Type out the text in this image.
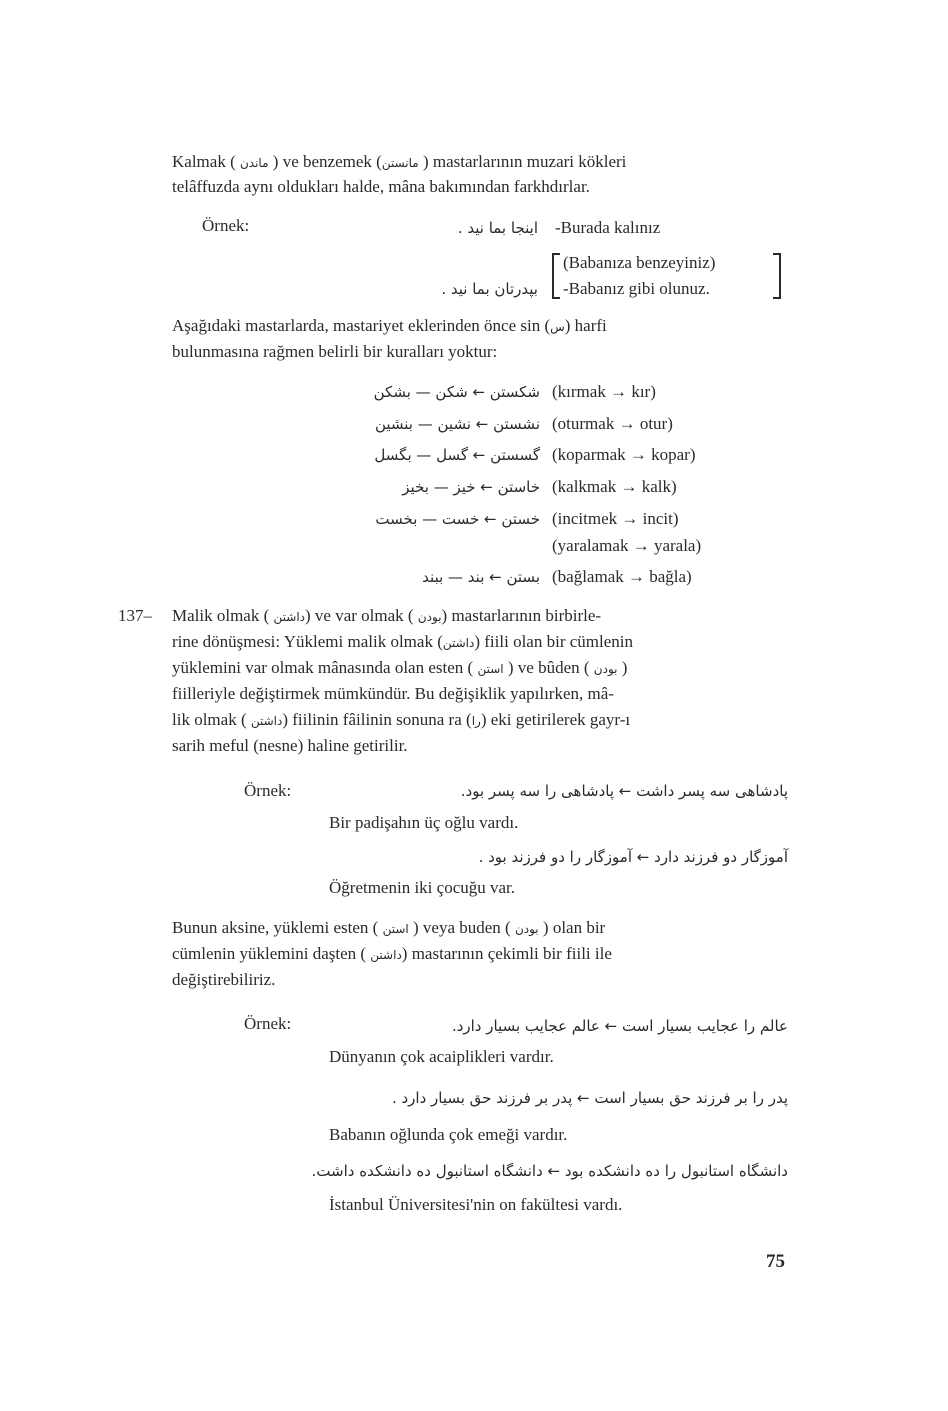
Kalmak ( ماندن ) ve benzemek (مانستن ) mastarlarının muzari kökleri
telâffuzda aynı oldukları halde, mâna bakımından farkhdırlar.
Örnek:	اینجا بما نید . -Burada kalınız
(Babanıza benzeyiniz)
بپدرتان بما نید . -Babanız gibi olunuz.
Aşağıdaki mastarlarda, mastariyet eklerinden önce sin (س) harfi
bulunmasına rağmen belirli bir kuralları yoktur:
شکستن ← شکن — بشکن (kırmak → kır)
نشستن ← نشین — بنشین (oturmak → otur)
گسستن ← گسل — بگسل (koparmak → kopar)
خاستن ← خیز — بخیز (kalkmak → kalk)
خستن ← خست — بخست (incitmek → incit)
(yaralamak → yarala)
بستن ← بند — ببند (bağlamak → bağla)
137– Malik olmak ( داشتن) ve var olmak ( بودن) mastarlarının birbirle-
rine dönüşmesi: Yüklemi malik olmak (داشتن) fiili olan bir cümlenin
yüklemini var olmak mânasında olan esten ( استن ) ve bûden ( بودن )
fiilleriyle değiştirmek mümkündür. Bu değişiklik yapılırken, mâ-
lik olmak ( داشتن) fiilinin fâilinin sonuna ra (را) eki getirilerek gayr-ı
sarih meful (nesne) haline getirilir.
Örnek:	پادشاهی سه پسر داشت ← پادشاهی را سه پسر بود.
Bir padişahın üç oğlu vardı.
آموزگار دو فرزند دارد ← آموزگار را دو فرزند بود .
Öğretmenin iki çocuğu var.
Bunun aksine, yüklemi esten ( استن ) veya buden ( بودن ) olan bir
cümlenin yüklemini daşten ( داشتن) mastarının çekimli bir fiili ile
değiştirebiliriz.
Örnek:	عالم را عجایب بسیار است ← عالم عجایب بسیار دارد.
Dünyanın çok acaiplikleri vardır.
پدر را بر فرزند حق بسیار است ← پدر بر فرزند حق بسیار دارد .
Babanın oğlunda çok emeği vardır.
دانشگاه استانبول را ده دانشکده بود ← دانشگاه استانبول ده دانشکده داشت.
İstanbul Üniversitesi'nin on fakültesi vardı.
75
